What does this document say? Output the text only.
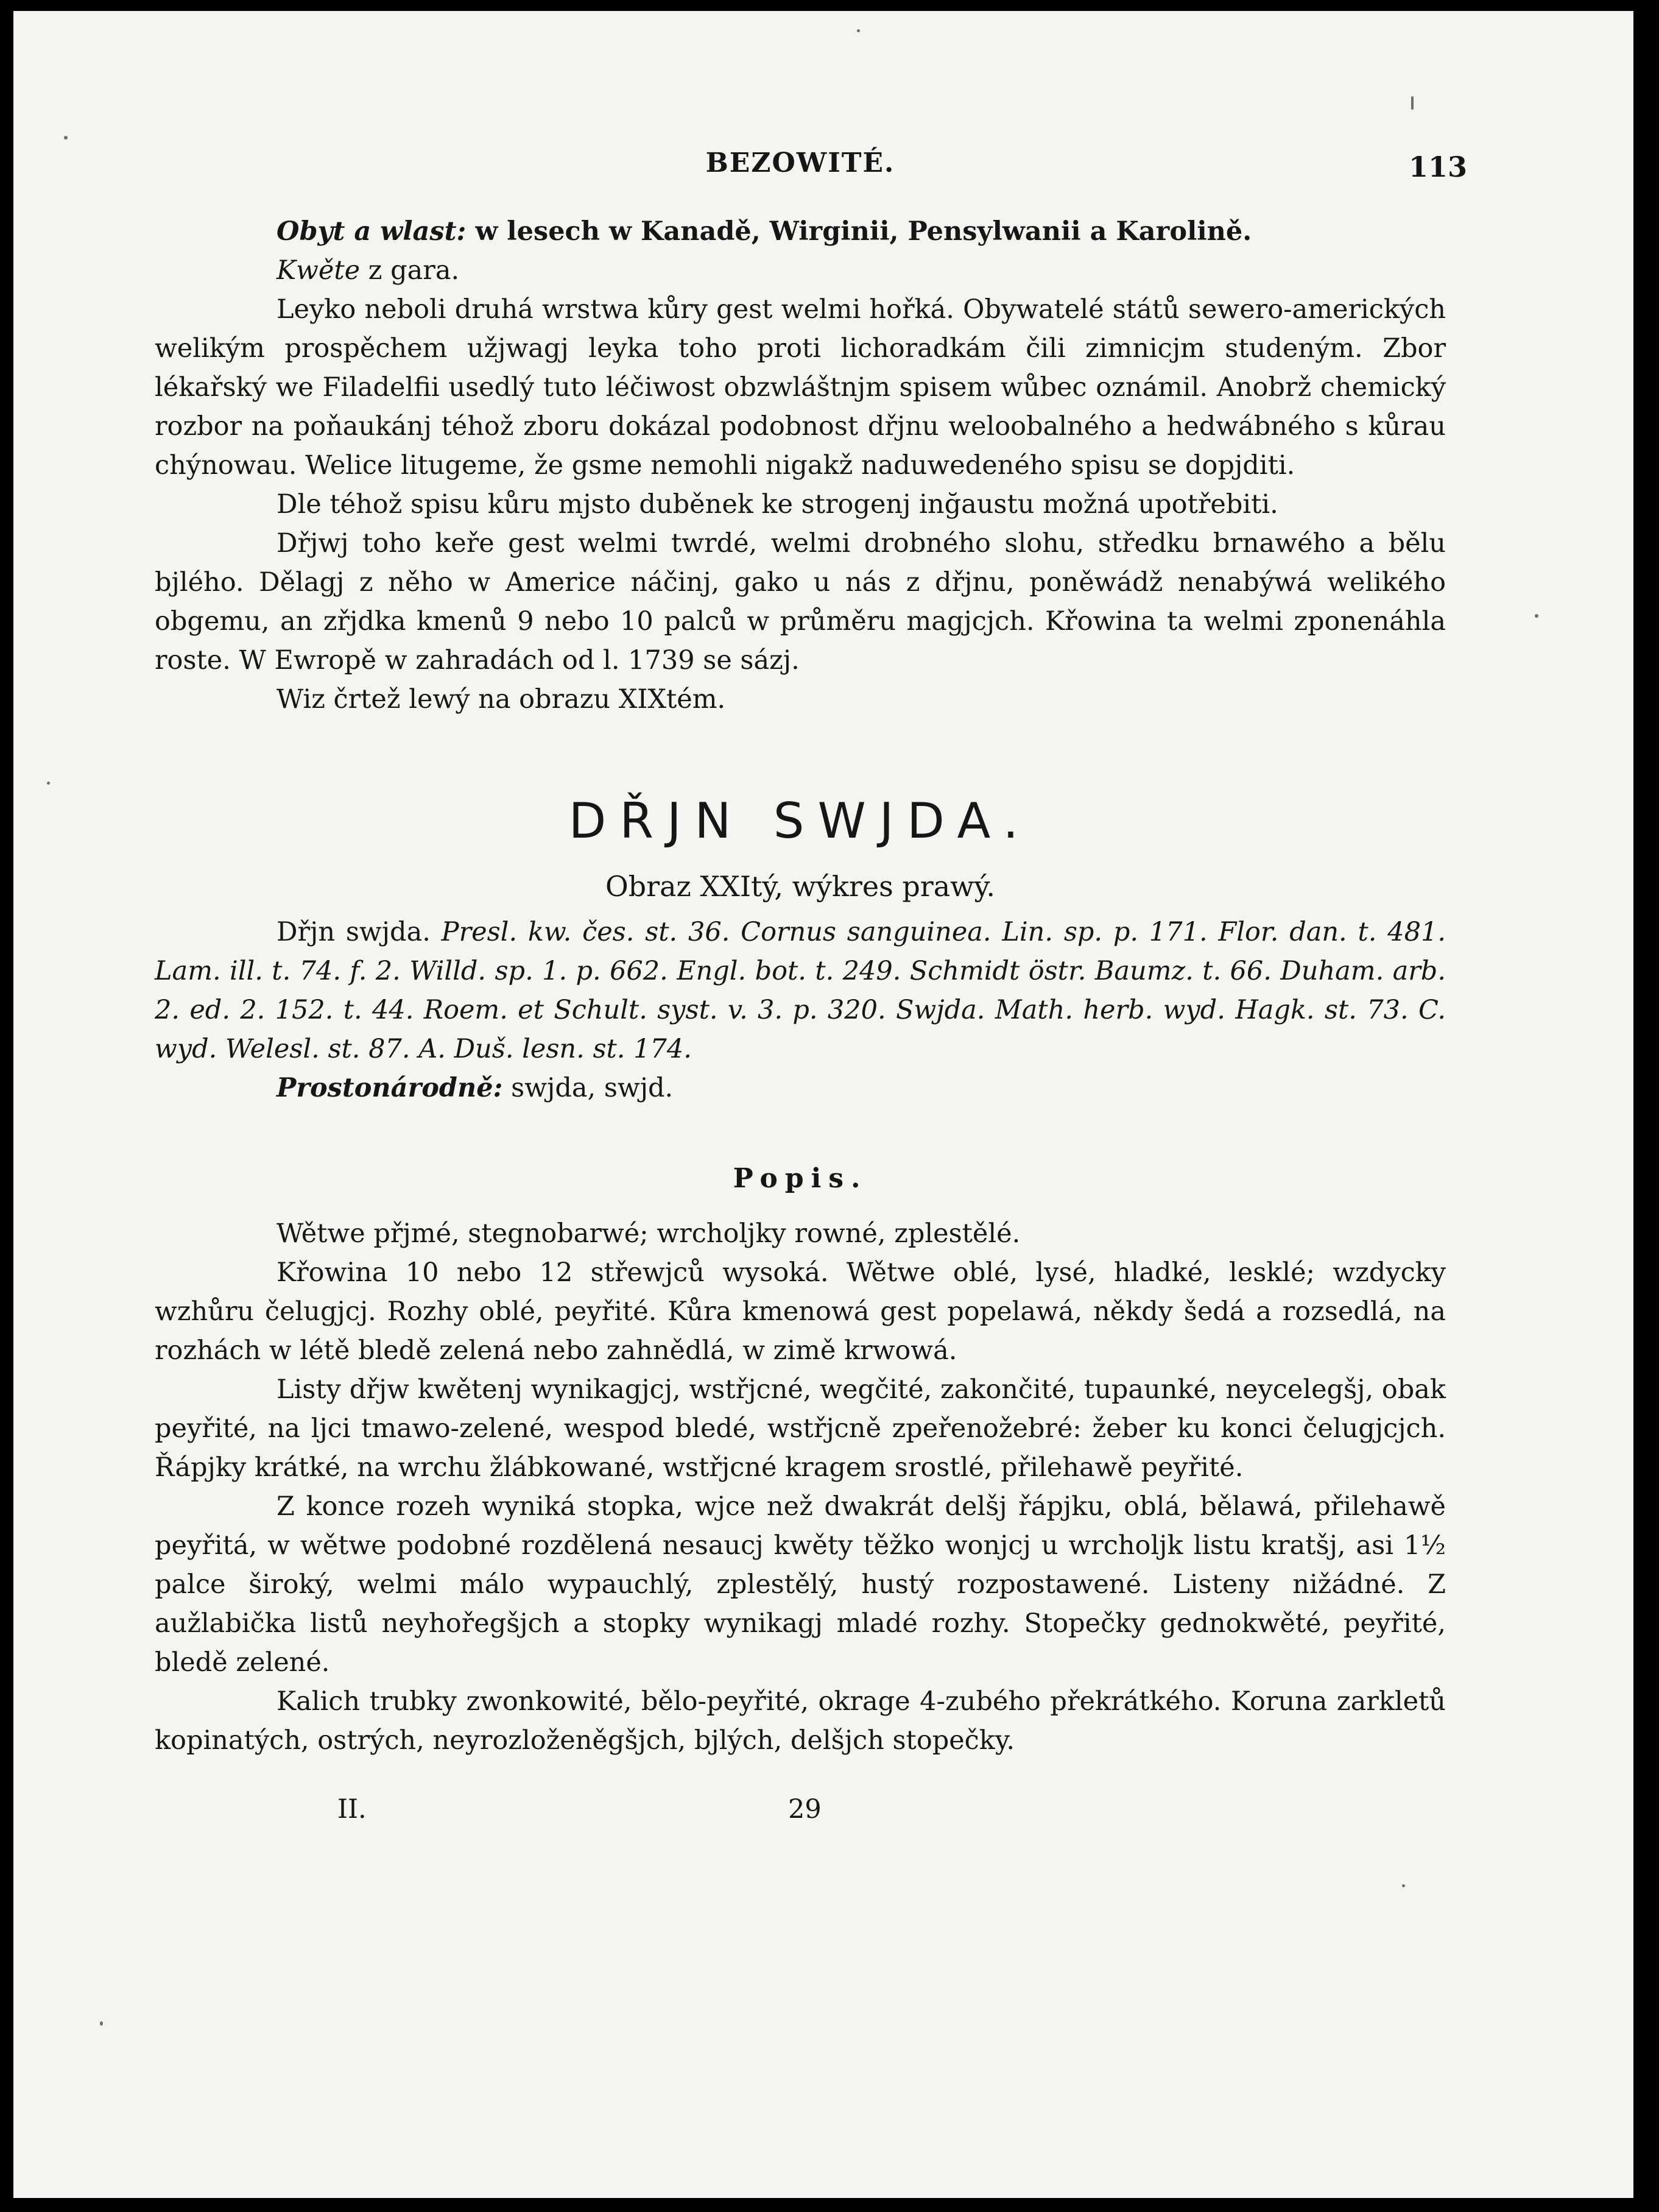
BEZOWITÉ.	113

Obyt a wlast: w lesech w Kanadě, Wirginii, Pensylwanii a Karolině.

Kwěte z gara.

Leyko neboli druhá wrstwa kůry gest welmi hořká. Obywatelé států sewero-amerických welikým prospěchem užjwagj leyka toho proti lichoradkám čili zimnicjm studeným. Zbor lékařský we Filadelfii usedlý tuto léčiwost obzwláštnjm spisem wůbec oznámil. Anobrž chemický rozbor na poňaukánj téhož zboru dokázal podobnost dřjnu weloobalného a hedwábného s kůrau chýnowau. Welice litugeme, že gsme nemohli nigakž naduwedeného spisu se dopjditi.

Dle téhož spisu kůru mjsto duběnek ke strogenj inğaustu možná upotřebiti.

Dřjwj toho keře gest welmi twrdé, welmi drobného slohu, středku brnawého a bělu bjlého. Dělagj z něho w Americe náčinj, gako u nás z dřjnu, poněwádž nenabýwá welikého obgemu, an zřjdka kmenů 9 nebo 10 palců w průměru magjcjch. Křowina ta welmi zponenáhla roste. W Ewropě w zahradách od l. 1739 se sázj.

Wiz črtež lewý na obrazu XIXtém.

DŘJN SWJDA.
Obraz XXItý, wýkres prawý.

Dřjn swjda. Presl. kw. čes. st. 36. Cornus sanguinea. Lin. sp. p. 171. Flor. dan. t. 481. Lam. ill. t. 74. f. 2. Willd. sp. 1. p. 662. Engl. bot. t. 249. Schmidt östr. Baumz. t. 66. Duham. arb. 2. ed. 2. 152. t. 44. Roem. et Schult. syst. v. 3. p. 320. Swjda. Math. herb. wyd. Hagk. st. 73. C. wyd. Welesl. st. 87. A. Duš. lesn. st. 174.

Prostonárodně: swjda, swjd.

Popis.

Wětwe přjmé, stegnobarwé; wrcholjky rowné, zplestělé.

Křowina 10 nebo 12 střewjců wysoká. Wětwe oblé, lysé, hladké, lesklé; wzdycky wzhůru čelugjcj. Rozhy oblé, peyřité. Kůra kmenowá gest popelawá, někdy šedá a rozsedlá, na rozhách w létě bledě zelená nebo zahnědlá, w zimě krwowá.

Listy dřjw kwětenj wynikagjcj, wstřjcné, wegčité, zakončité, tupaunké, neycelegšj, obak peyřité, na ljci tmawo-zelené, wespod bledé, wstřjcně zpeřenožebré: žeber ku konci čelugjcjch. Řápjky krátké, na wrchu žlábkowané, wstřjcné kragem srostlé, přilehawě peyřité.

Z konce rozeh wyniká stopka, wjce než dwakrát delšj řápjku, oblá, bělawá, přilehawě peyřitá, w wětwe podobné rozdělená nesaucj kwěty těžko wonjcj u wrcholjk listu kratšj, asi 1½ palce široký, welmi málo wypauchlý, zplestělý, hustý rozpostawené. Listeny nižádné. Z aužlabička listů neyhořegšjch a stopky wynikagj mladé rozhy. Stopečky gednokwěté, peyřité, bledě zelené.

Kalich trubky zwonkowité, bělo-peyřité, okrage 4-zubého překrátkého. Koruna zarkletů kopinatých, ostrých, neyrozloženěgšjch, bjlých, delšjch stopečky.

II.	29
